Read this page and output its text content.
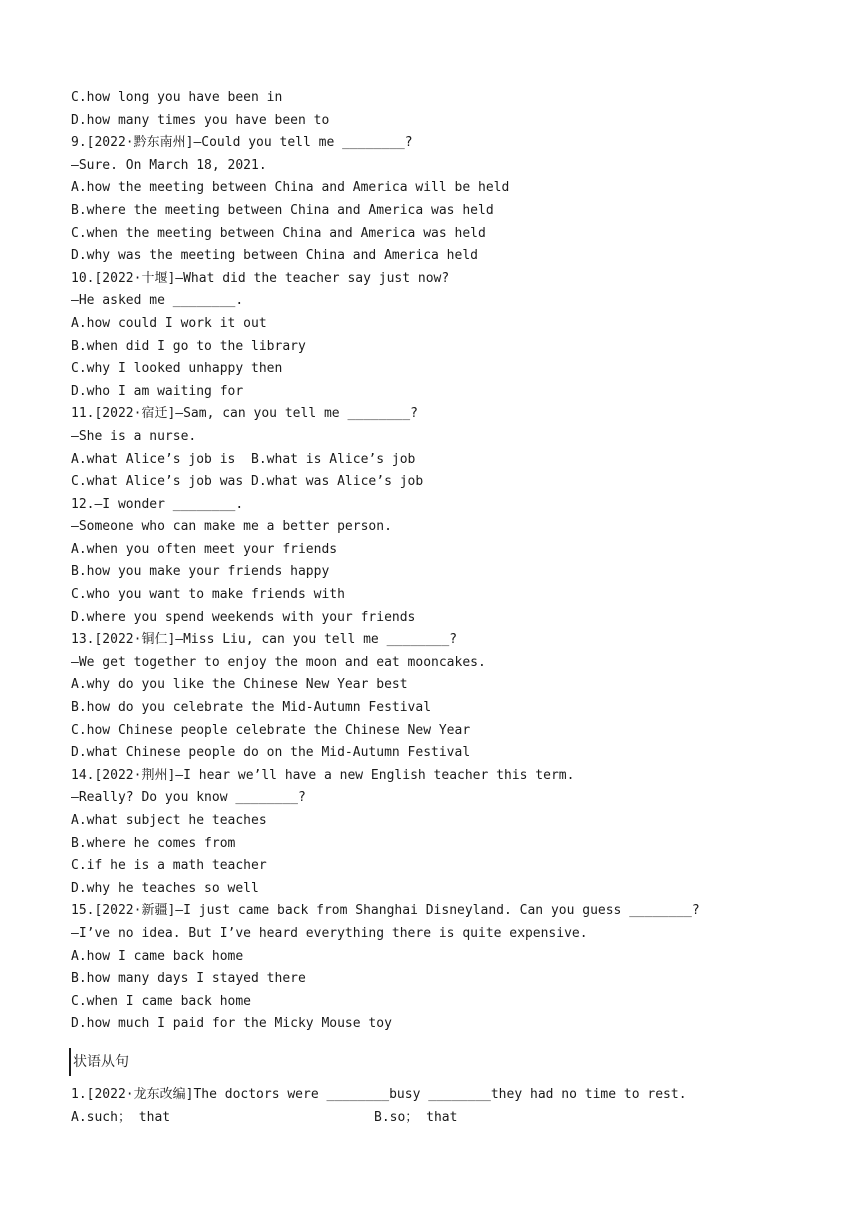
C.how long you have been in
D.how many times you have been to
9.[2022·黔东南州]—Could you tell me ________?
—Sure. On March 18, 2021.
A.how the meeting between China and America will be held
B.where the meeting between China and America was held
C.when the meeting between China and America was held
D.why was the meeting between China and America held
10.[2022·十堰]—What did the teacher say just now?
—He asked me ________.
A.how could I work it out
B.when did I go to the library
C.why I looked unhappy then
D.who I am waiting for
11.[2022·宿迁]—Sam, can you tell me ________?
—She is a nurse.
A.what Alice’s job is  B.what is Alice’s job
C.what Alice’s job was D.what was Alice’s job
12.—I wonder ________.
—Someone who can make me a better person.
A.when you often meet your friends
B.how you make your friends happy
C.who you want to make friends with
D.where you spend weekends with your friends
13.[2022·铜仁]—Miss Liu, can you tell me ________?
—We get together to enjoy the moon and eat mooncakes.
A.why do you like the Chinese New Year best
B.how do you celebrate the Mid-Autumn Festival
C.how Chinese people celebrate the Chinese New Year
D.what Chinese people do on the Mid-Autumn Festival
14.[2022·荆州]—I hear we’ll have a new English teacher this term.
—Really? Do you know ________?
A.what subject he teaches
B.where he comes from
C.if he is a math teacher
D.why he teaches so well
15.[2022·新疆]—I just came back from Shanghai Disneyland. Can you guess ________?
—I’ve no idea. But I’ve heard everything there is quite expensive.
A.how I came back home
B.how many days I stayed there
C.when I came back home
D.how much I paid for the Micky Mouse toy
状语从句
1.[2022·龙东改编]The doctors were ________busy ________they had no time to rest.
A.such； that	B.so； that
